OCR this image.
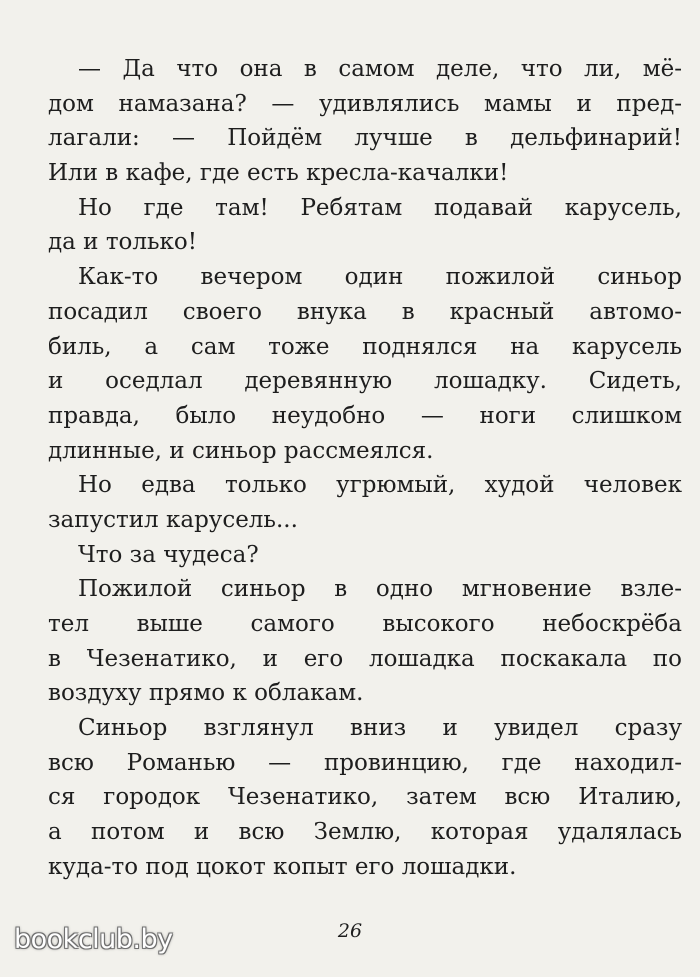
— Да что она в самом деле, что ли, мё-
дом намазана? — удивлялись мамы и пред-
лагали: — Пойдём лучше в дельфинарий!
Или в кафе, где есть кресла-качалки!
Но где там! Ребятам подавай карусель,
да и только!
Как-то вечером один пожилой синьор
посадил своего внука в красный автомо-
биль, а сам тоже поднялся на карусель
и оседлал деревянную лошадку. Сидеть,
правда, было неудобно — ноги слишком
длинные, и синьор рассмеялся.
Но едва только угрюмый, худой человек
запустил карусель...
Что за чудеса?
Пожилой синьор в одно мгновение взле-
тел выше самого высокого небоскрёба
в Чезенатико, и его лошадка поскакала по
воздуху прямо к облакам.
Синьор взглянул вниз и увидел сразу
всю Романью — провинцию, где находил-
ся городок Чезенатико, затем всю Италию,
а потом и всю Землю, которая удалялась
куда-то под цокот копыт его лошадки.
26
bookclub.by
